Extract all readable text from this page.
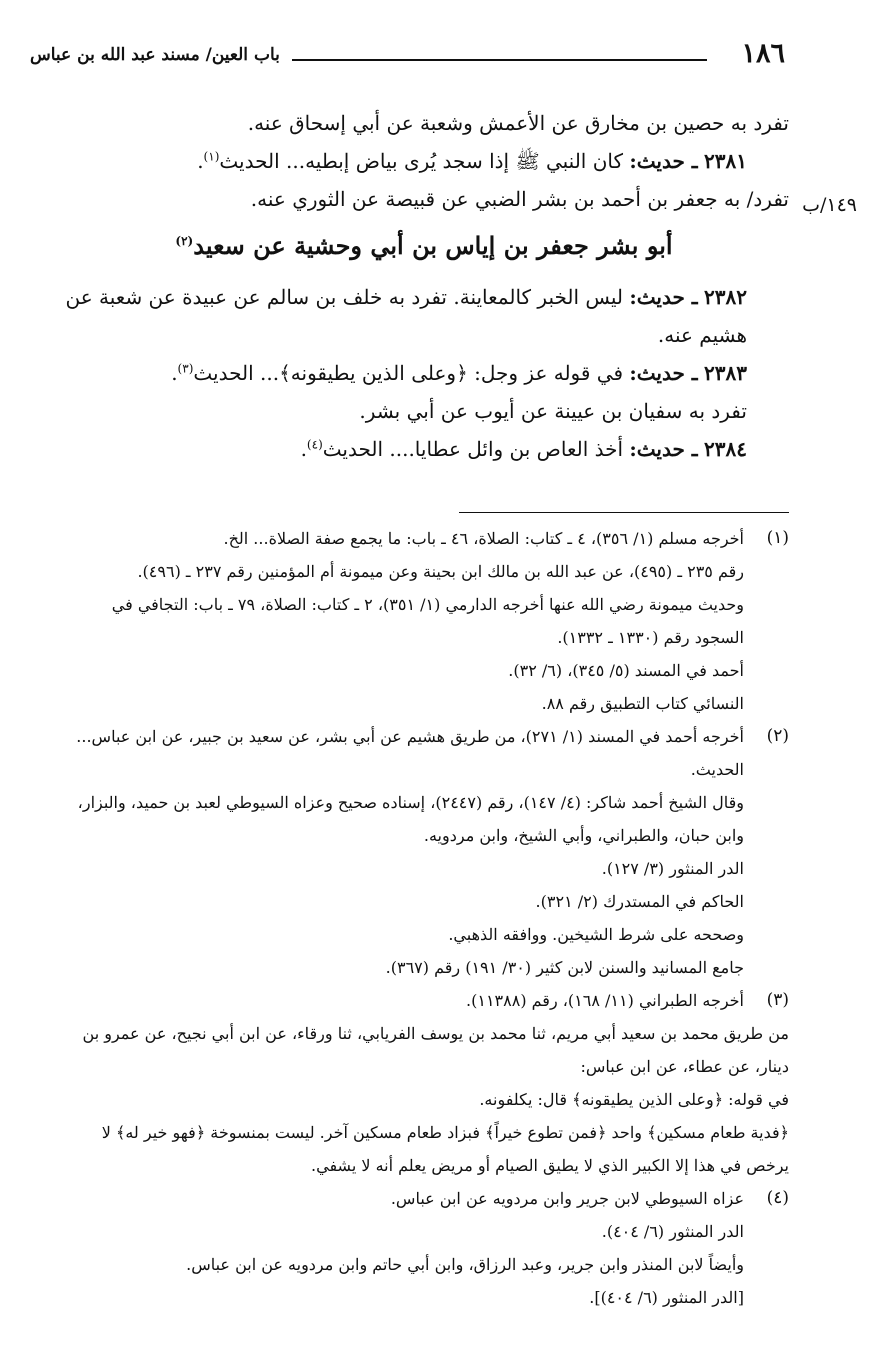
١٨٦
باب العين/ مسند عبد الله بن عباس
١٤٩/ب

تفرد به حصين بن مخارق عن الأعمش وشعبة عن أبي إسحاق عنه.

٢٣٨١ ـ حديث: كان النبي ﷺ إذا سجد يُرى بياض إبطيه... الحديث$^{(١)}$.

تفرد/ به جعفر بن أحمد بن بشر الضبي عن قبيصة عن الثوري عنه.

أبو بشر جعفر بن إياس بن أبي وحشية عن سعيد$^{(٢)}$

٢٣٨٢ ـ حديث: ليس الخبر كالمعاينة. تفرد به خلف بن سالم عن عبيدة عن شعبة عن هشيم عنه.

٢٣٨٣ ـ حديث: في قوله عز وجل: ﴿وعلى الذين يطيقونه﴾... الحديث$^{(٣)}$.

تفرد به سفيان بن عيينة عن أيوب عن أبي بشر.

٢٣٨٤ ـ حديث: أخذ العاص بن وائل عطايا.... الحديث$^{(٤)}$.

(١)

أخرجه مسلم (١/ ٣٥٦)، ٤ ـ كتاب: الصلاة، ٤٦ ـ باب: ما يجمع صفة الصلاة... الخ.

رقم ٢٣٥ ـ (٤٩٥)، عن عبد الله بن مالك ابن بحينة وعن ميمونة أم المؤمنين رقم ٢٣٧ ـ (٤٩٦).

وحديث ميمونة رضي الله عنها أخرجه الدارمي (١/ ٣٥١)، ٢ ـ كتاب: الصلاة، ٧٩ ـ باب: التجافي في السجود رقم (١٣٣٠ ـ ١٣٣٢).

أحمد في المسند (٥/ ٣٤٥)، (٦/ ٣٢).

النسائي كتاب التطبيق رقم ٨٨.

(٢)

أخرجه أحمد في المسند (١/ ٢٧١)، من طريق هشيم عن أبي بشر، عن سعيد بن جبير، عن ابن عباس... الحديث.

وقال الشيخ أحمد شاكر: (٤/ ١٤٧)، رقم (٢٤٤٧)، إسناده صحيح وعزاه السيوطي لعبد بن حميد، والبزار، وابن حبان، والطبراني، وأبي الشيخ، وابن مردويه.

الدر المنثور (٣/ ١٢٧).

الحاكم في المستدرك (٢/ ٣٢١).

وصححه على شرط الشيخين. ووافقه الذهبي.

جامع المسانيد والسنن لابن كثير (٣٠/ ١٩١) رقم (٣٦٧).

(٣)

أخرجه الطبراني (١١/ ١٦٨)، رقم (١١٣٨٨).

من طريق محمد بن سعيد أبي مريم، ثنا محمد بن يوسف الفريابي، ثنا ورقاء، عن ابن أبي نجيح، عن عمرو بن دينار، عن عطاء، عن ابن عباس:

في قوله: ﴿وعلى الذين يطيقونه﴾ قال: يكلفونه.

﴿فدية طعام مسكين﴾ واحد ﴿فمن تطوع خيراً﴾ فبزاد طعام مسكين آخر. ليست بمنسوخة ﴿فهو خير له﴾ لا يرخص في هذا إلا الكبير الذي لا يطيق الصيام أو مريض يعلم أنه لا يشفي.

(٤)

عزاه السيوطي لابن جرير وابن مردويه عن ابن عباس.

الدر المنثور (٦/ ٤٠٤).

وأيضاً لابن المنذر وابن جرير، وعبد الرزاق، وابن أبي حاتم وابن مردويه عن ابن عباس.

[الدر المنثور (٦/ ٤٠٤)].
